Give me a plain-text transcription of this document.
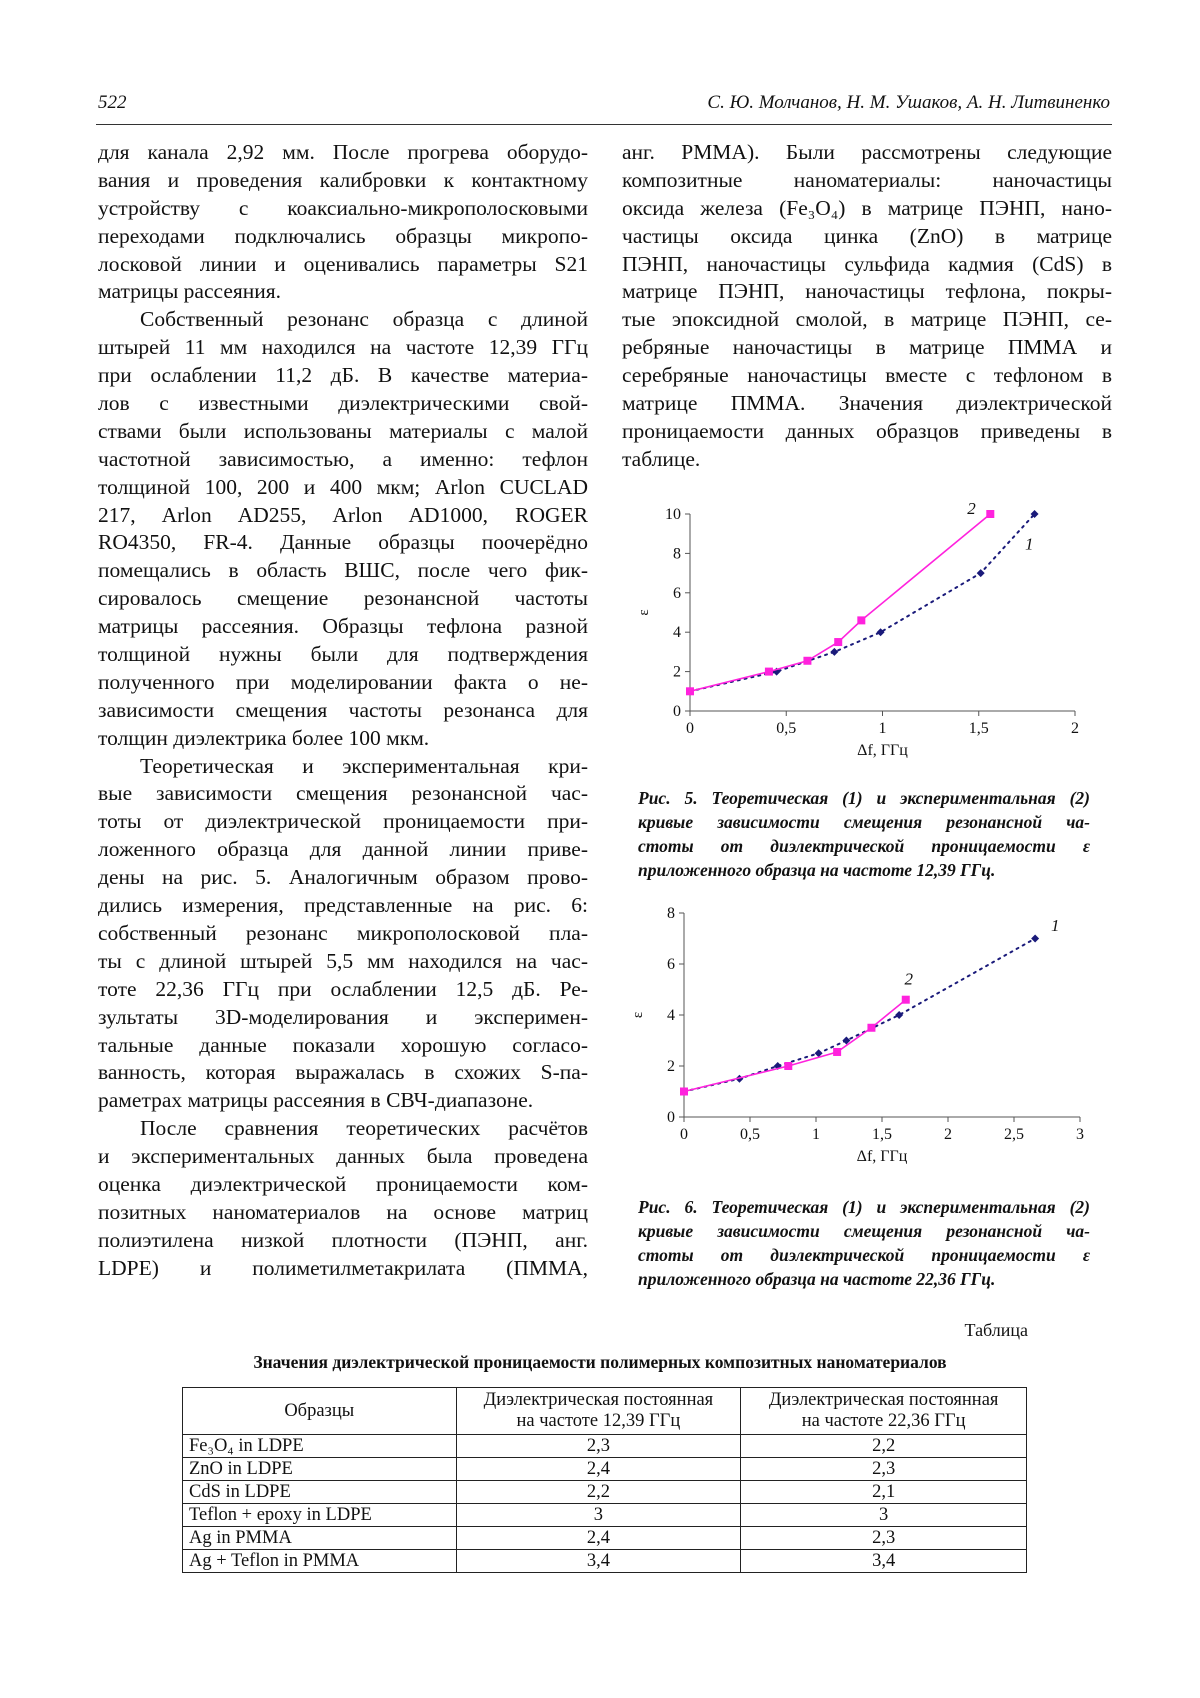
522	С. Ю. Молчанов, Н. М. Ушаков, А. Н. Литвиненко
для канала 2,92 мм. После прогрева оборудо-
вания и проведения калибровки к контактному
устройству с коаксиально-микрополосковыми
переходами подключались образцы микропо-
лосковой линии и оценивались параметры S21
матрицы рассеяния.
Собственный резонанс образца с длиной
штырей 11 мм находился на частоте 12,39 ГГц
при ослаблении 11,2 дБ. В качестве материа-
лов с известными диэлектрическими свой-
ствами были использованы материалы с малой
частотной зависимостью, а именно: тефлон
толщиной 100, 200 и 400 мкм; Arlon CUCLAD
217, Arlon AD255, Arlon AD1000, ROGER
RO4350, FR-4. Данные образцы поочерёдно
помещались в область ВШС, после чего фик-
сировалось смещение резонансной частоты
матрицы рассеяния. Образцы тефлона разной
толщиной нужны были для подтверждения
полученного при моделировании факта о не-
зависимости смещения частоты резонанса для
толщин диэлектрика более 100 мкм.
Теоретическая и экспериментальная кри-
вые зависимости смещения резонансной час-
тоты от диэлектрической проницаемости при-
ложенного образца для данной линии приве-
дены на рис. 5. Аналогичным образом прово-
дились измерения, представленные на рис. 6:
собственный резонанс микрополосковой пла-
ты с длиной штырей 5,5 мм находился на час-
тоте 22,36 ГГц при ослаблении 12,5 дБ. Ре-
зультаты 3D-моделирования и эксперимен-
тальные данные показали хорошую согласо-
ванность, которая выражалась в схожих S-па-
раметрах матрицы рассеяния в СВЧ-диапазоне.
После сравнения теоретических расчётов
и экспериментальных данных была проведена
оценка диэлектрической проницаемости ком-
позитных наноматериалов на основе матриц
полиэтилена низкой плотности (ПЭНП, анг.
LDPE) и полиметилметакрилата (ПММА,
анг. PMMA). Были рассмотрены следующие
композитные наноматериалы: наночастицы
оксида железа (Fe₃O₄) в матрице ПЭНП, нано-
частицы оксида цинка (ZnO) в матрице
ПЭНП, наночастицы сульфида кадмия (CdS) в
матрице ПЭНП, наночастицы тефлона, покры-
тые эпоксидной смолой, в матрице ПЭНП, се-
ребряные наночастицы в матрице ПММА и
серебряные наночастицы вместе с тефлоном в
матрице ПММА. Значения диэлектрической
проницаемости данных образцов приведены в
таблице.
0	0,5	1	1,5	2
0
2
4
6
8
10
Δf, ГГц
ε
2
1
Рис. 5. Теоретическая (1) и экспериментальная (2)
кривые зависимости смещения резонансной ча-
стоты от диэлектрической проницаемости ε
приложенного образца на частоте 12,39 ГГц.
0	0,5	1	1,5	2	2,5	3
0
2
4
6
8
Δf, ГГц
ε
2
1
Рис. 6. Теоретическая (1) и экспериментальная (2)
кривые зависимости смещения резонансной ча-
стоты от диэлектрической проницаемости ε
приложенного образца на частоте 22,36 ГГц.
Таблица
Значения диэлектрической проницаемости полимерных композитных наноматериалов
Образцы	Диэлектрическая постоянная на частоте 12,39 ГГц	Диэлектрическая постоянная на частоте 22,36 ГГц
Fe₃O₄ in LDPE	2,3	2,2
ZnO in LDPE	2,4	2,3
CdS in LDPE	2,2	2,1
Teflon + epoxy in LDPE	3	3
Ag in PMMA	2,4	2,3
Ag + Teflon in PMMA	3,4	3,4
